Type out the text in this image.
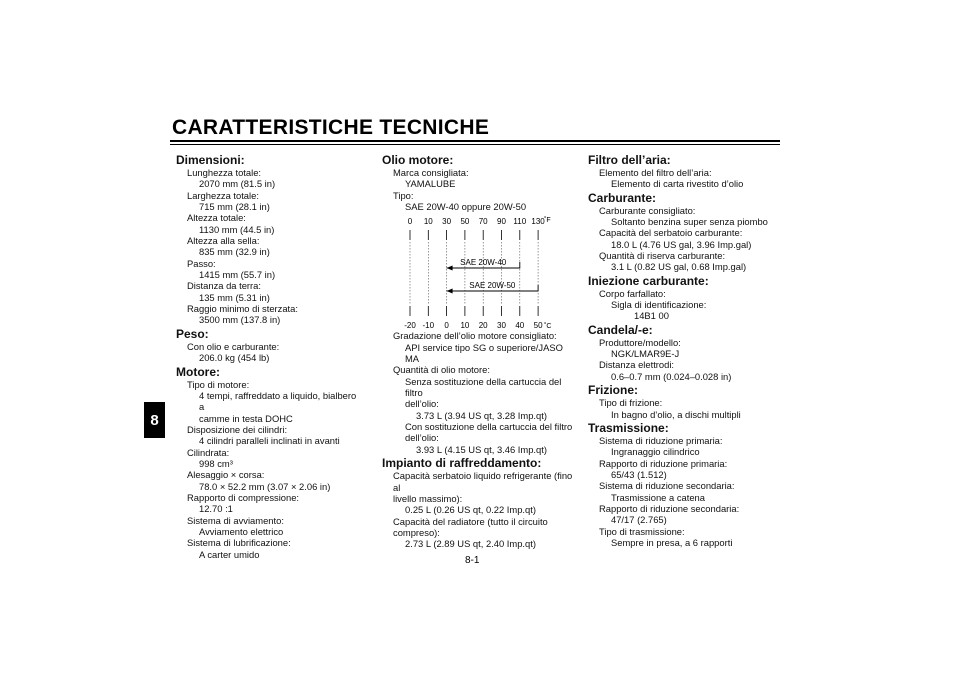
CARATTERISTICHE TECNICHE
8
Dimensioni:
Lunghezza totale:
2070 mm (81.5 in)
Larghezza totale:
715 mm (28.1 in)
Altezza totale:
1130 mm (44.5 in)
Altezza alla sella:
835 mm (32.9 in)
Passo:
1415 mm (55.7 in)
Distanza da terra:
135 mm (5.31 in)
Raggio minimo di sterzata:
3500 mm (137.8 in)
Peso:
Con olio e carburante:
206.0 kg (454 lb)
Motore:
Tipo di motore:
4 tempi, raffreddato a liquido, bialbero a
camme in testa DOHC
Disposizione dei cilindri:
4 cilindri paralleli inclinati in avanti
Cilindrata:
998 cm³
Alesaggio × corsa:
78.0 × 52.2 mm (3.07 × 2.06 in)
Rapporto di compressione:
12.70 :1
Sistema di avviamento:
Avviamento elettrico
Sistema di lubrificazione:
A carter umido
Olio motore:
Marca consigliata:
YAMALUBE
Tipo:
SAE 20W-40 oppure 20W-50
0
-20
10
-10
30
0
50
10
70
20
90
30
110
40
130
50
˚F
˚C
SAE 20W-40
SAE 20W-50
Gradazione dell’olio motore consigliato:
API service tipo SG o superiore/JASO MA
Quantità di olio motore:
Senza sostituzione della cartuccia del filtro
dell’olio:
3.73 L (3.94 US qt, 3.28 Imp.qt)
Con sostituzione della cartuccia del filtro
dell’olio:
3.93 L (4.15 US qt, 3.46 Imp.qt)
Impianto di raffreddamento:
Capacità serbatoio liquido refrigerante (fino al
livello massimo):
0.25 L (0.26 US qt, 0.22 Imp.qt)
Capacità del radiatore (tutto il circuito
compreso):
2.73 L (2.89 US qt, 2.40 Imp.qt)
Filtro dell’aria:
Elemento del filtro dell’aria:
Elemento di carta rivestito d’olio
Carburante:
Carburante consigliato:
Soltanto benzina super senza piombo
Capacità del serbatoio carburante:
18.0 L (4.76 US gal, 3.96 Imp.gal)
Quantità di riserva carburante:
3.1 L (0.82 US gal, 0.68 Imp.gal)
Iniezione carburante:
Corpo farfallato:
Sigla di identificazione:
14B1 00
Candela/-e:
Produttore/modello:
NGK/LMAR9E-J
Distanza elettrodi:
0.6–0.7 mm (0.024–0.028 in)
Frizione:
Tipo di frizione:
In bagno d’olio, a dischi multipli
Trasmissione:
Sistema di riduzione primaria:
Ingranaggio cilindrico
Rapporto di riduzione primaria:
65/43 (1.512)
Sistema di riduzione secondaria:
Trasmissione a catena
Rapporto di riduzione secondaria:
47/17 (2.765)
Tipo di trasmissione:
Sempre in presa, a 6 rapporti
8-1
